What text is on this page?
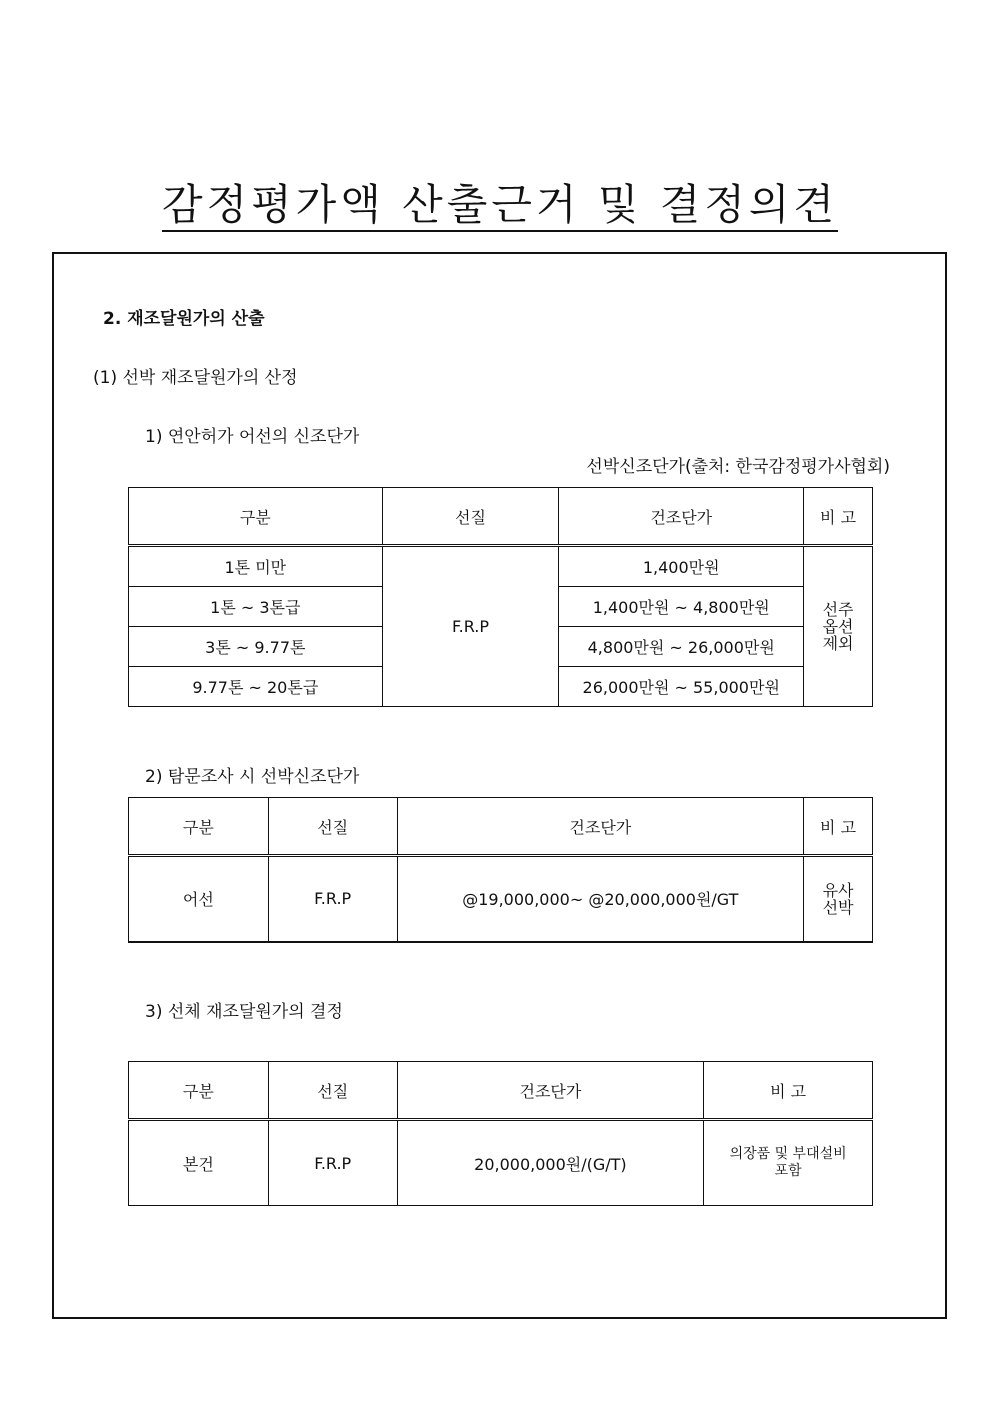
감정평가액 산출근거 및 결정의견
2. 재조달원가의 산출
(1) 선박 재조달원가의 산정
1) 연안허가 어선의 신조단가
선박신조단가(출처: 한국감정평가사협회)
구분	선질	건조단가	비 고
1톤 미만	F.R.P	1,400만원	선주
옵션
제외
1톤 ~ 3톤급		1,400만원 ~ 4,800만원	
3톤 ~ 9.77톤		4,800만원 ~ 26,000만원	
9.77톤 ~ 20톤급		26,000만원 ~ 55,000만원	
2) 탐문조사 시 선박신조단가
구분	선질	건조단가	비 고
어선	F.R.P	@19,000,000~ @20,000,000원/GT	유사
선박
3) 선체 재조달원가의 결정
구분	선질	건조단가	비 고
본건	F.R.P	20,000,000원/(G/T)	의장품 및 부대설비
포함
